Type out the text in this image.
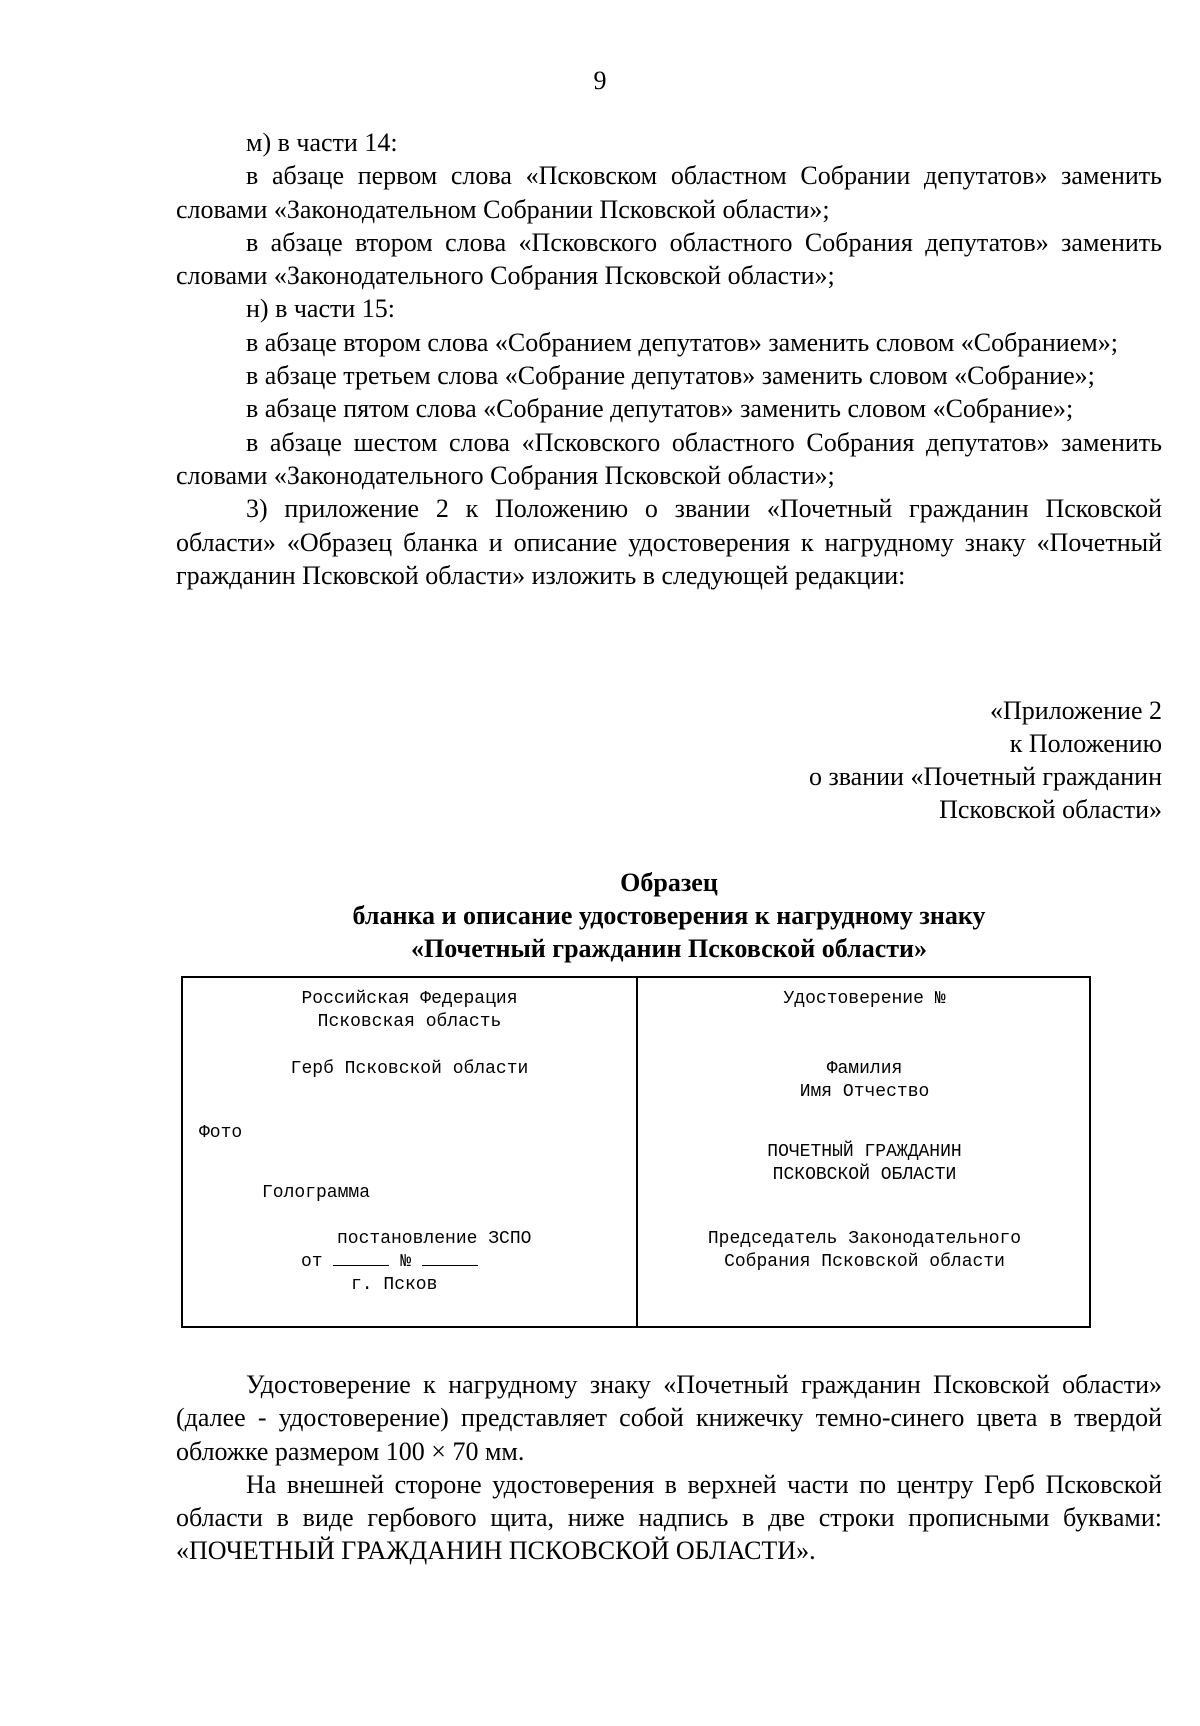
9

м) в части 14:

в абзаце первом слова «Псковском областном Собрании депутатов» заменить словами «Законодательном Собрании Псковской области»;

в абзаце втором слова «Псковского областного Собрания депутатов» заменить словами «Законодательного Собрания Псковской области»;

н) в части 15:

в абзаце втором слова «Собранием депутатов» заменить словом «Собранием»;

в абзаце третьем слова «Собрание депутатов» заменить словом «Собрание»;

в абзаце пятом слова «Собрание депутатов» заменить словом «Собрание»;

в абзаце шестом слова «Псковского областного Собрания депутатов» заменить словами «Законодательного Собрания Псковской области»;

3) приложение 2 к Положению о звании «Почетный гражданин Псковской области» «Образец бланка и описание удостоверения к нагрудному знаку «Почетный гражданин Псковской области» изложить в следующей редакции:

«Приложение 2
к Положению
о звании «Почетный гражданин
Псковской области»
Образец
бланка и описание удостоверения к нагрудному знаку
«Почетный гражданин Псковской области»
Российская Федерация
Псковская область
Герб Псковской области
Фото
Голограмма
постановление ЗСПО
от	№
г. Псков
Удостоверение №
Фамилия
Имя Отчество
ПОЧЕТНЫЙ ГРАЖДАНИН
ПСКОВСКОЙ ОБЛАСТИ
Председатель Законодательного
Собрания Псковской области

Удостоверение к нагрудному знаку «Почетный гражданин Псковской области» (далее - удостоверение) представляет собой книжечку темно-синего цвета в твердой обложке размером 100 × 70 мм.

На внешней стороне удостоверения в верхней части по центру Герб Псковской области в виде гербового щита, ниже надпись в две строки прописными буквами: «ПОЧЕТНЫЙ ГРАЖДАНИН ПСКОВСКОЙ ОБЛАСТИ».
